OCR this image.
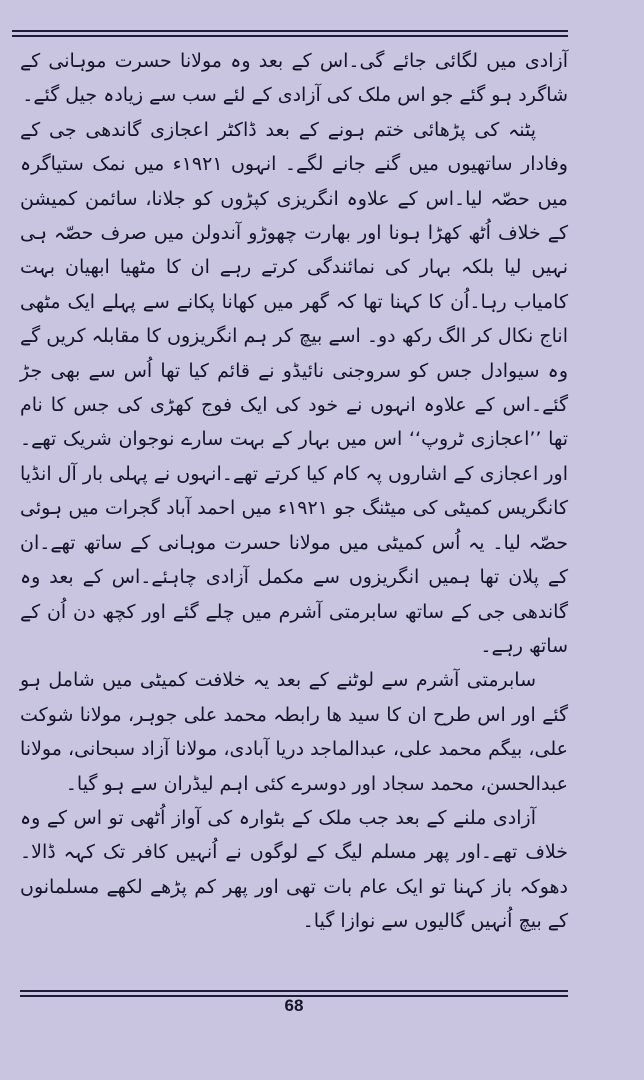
آزادی میں لگائی جائے گی۔اس کے بعد وہ مولانا حسرت موہانی کے شاگرد ہو گئے جو اس ملک کی آزادی کے لئے سب سے زیادہ جیل گئے۔

پٹنہ کی پڑھائی ختم ہونے کے بعد ڈاکٹر اعجازی گاندھی جی کے وفادار ساتھیوں میں گنے جانے لگے۔ انہوں ۱۹۲۱ء میں نمک ستیاگرہ میں حصّہ لیا۔اس کے علاوہ انگریزی کپڑوں کو جلانا، سائمن کمیشن کے خلاف اُٹھ کھڑا ہونا اور بھارت چھوڑو آندولن میں صرف حصّہ ہی نہیں لیا بلکہ بہار کی نمائندگی کرتے رہے ان کا مٹھیا ابھیان بہت کامیاب رہا۔اُن کا کہنا تھا کہ گھر میں کھانا پکانے سے پہلے ایک مٹھی اناج نکال کر الگ رکھ دو۔ اسے بیچ کر ہم انگریزوں کا مقابلہ کریں گے وہ سیوادل جس کو سروجنی نائیڈو نے قائم کیا تھا اُس سے بھی جڑ گئے۔اس کے علاوہ انہوں نے خود کی ایک فوج کھڑی کی جس کا نام تھا ’’اعجازی ٹروپ‘‘ اس میں بہار کے بہت سارے نوجوان شریک تھے۔اور اعجازی کے اشاروں پہ کام کیا کرتے تھے۔انہوں نے پہلی بار آل انڈیا کانگریس کمیٹی کی میٹنگ جو ۱۹۲۱ء میں احمد آباد گجرات میں ہوئی حصّہ لیا۔ یہ اُس کمیٹی میں مولانا حسرت موہانی کے ساتھ تھے۔ان کے پلان تھا ہمیں انگریزوں سے مکمل آزادی چاہئے۔اس کے بعد وہ گاندھی جی کے ساتھ سابرمتی آشرم میں چلے گئے اور کچھ دن اُن کے ساتھ رہے۔

سابرمتی آشرم سے لوٹنے کے بعد یہ خلافت کمیٹی میں شامل ہو گئے اور اس طرح ان کا سید ھا رابطہ محمد علی جوہر، مولانا شوکت علی، بیگم محمد علی، عبدالماجد دریا آبادی، مولانا آزاد سبحانی، مولانا عبدالحسن، محمد سجاد اور دوسرے کئی اہم لیڈران سے ہو گیا۔

آزادی ملنے کے بعد جب ملک کے بٹوارہ کی آواز اُٹھی تو اس کے وہ خلاف تھے۔اور پھر مسلم لیگ کے لوگوں نے اُنہیں کافر تک کہہ ڈالا۔ دھوکہ باز کہنا تو ایک عام بات تھی اور پھر کم پڑھے لکھے مسلمانوں کے بیچ اُنہیں گالیوں سے نوازا گیا۔

68
